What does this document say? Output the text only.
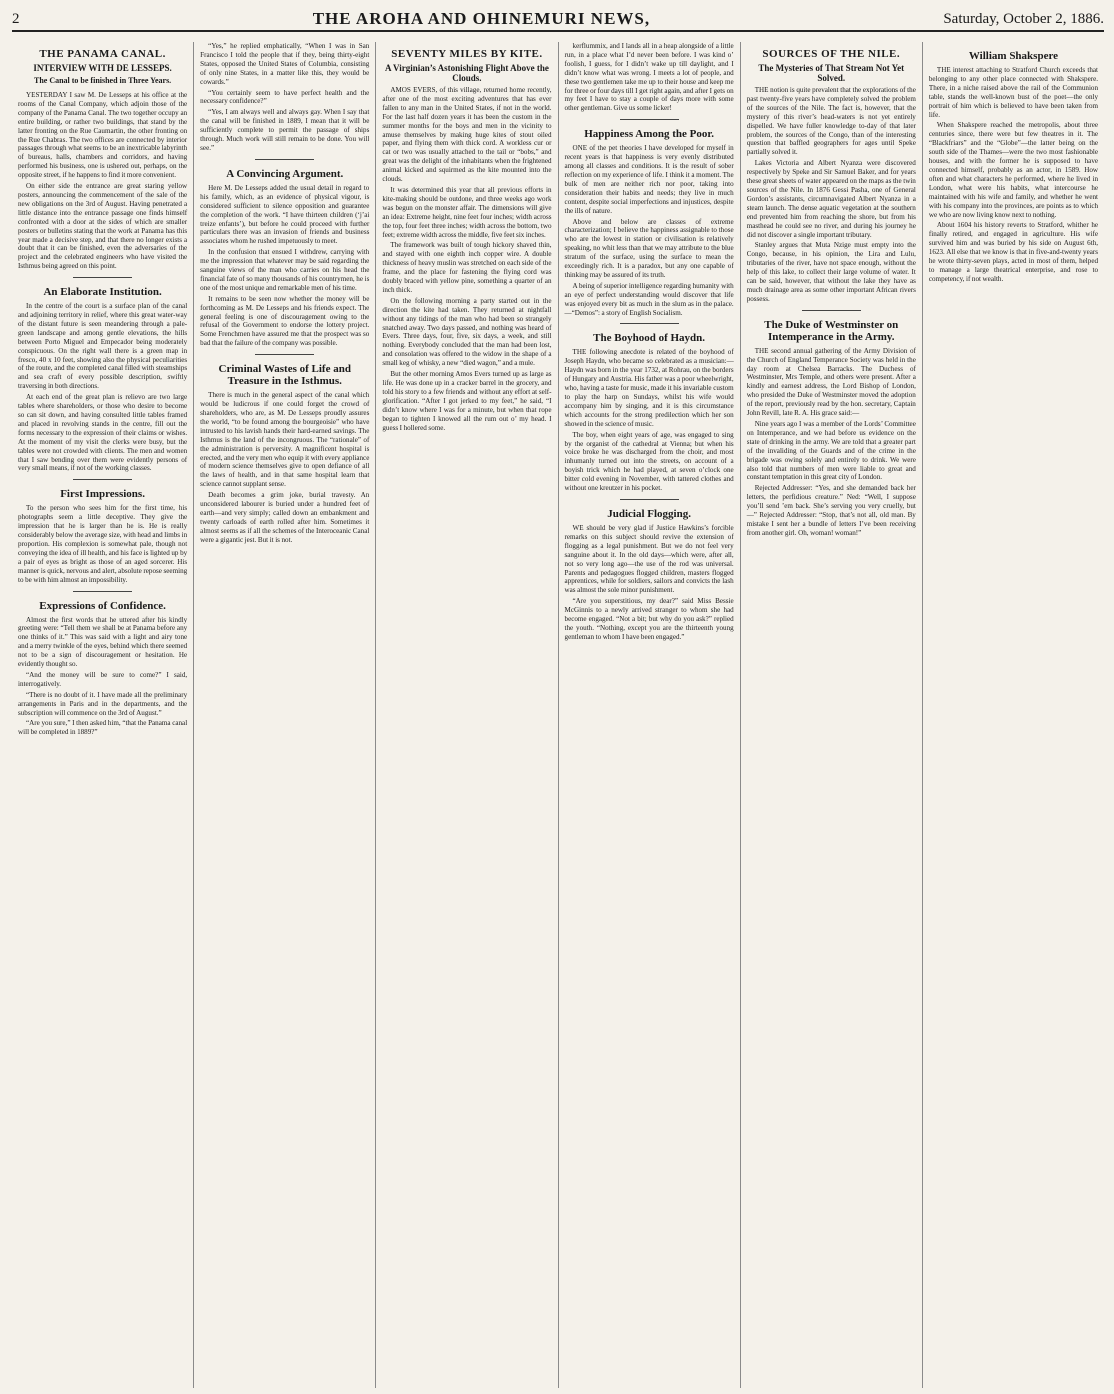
2	THE AROHA AND OHINEMURI NEWS,	Saturday, October 2, 1886.
THE PANAMA CANAL.
INTERVIEW WITH DE LESSEPS.
The Canal to be finished in Three Years.

YESTERDAY I saw M. De Lesseps at his office at the rooms of the Canal Company, which adjoin those of the company of the Panama Canal. The two together occupy an entire building, or rather two buildings, that stand by the latter fronting on the Rue Caumartin, the other fronting on the Rue Chabras. The two offices are connected by interior passages through what seems to be an inextricable labyrinth of bureaus, halls, chambers and corridors, and having performed his business, one is ushered out, perhaps, on the opposite street, if he happens to find it more convenient.

On either side the entrance are great staring yellow posters, announcing the commencement of the sale of the new obligations on the 3rd of August. Having penetrated a little distance into the entrance passage one finds himself confronted with a door at the sides of which are smaller posters or bulletins stating that the work at Panama has this year made a decisive step, and that there no longer exists a doubt that it can be finished, even the adversaries of the project and the celebrated engineers who have visited the Isthmus being agreed on this point.

An Elaborate Institution.

In the centre of the court is a surface plan of the canal and adjoining territory in relief, where this great water-way of the distant future is seen meandering through a pale-green landscape and among gentle elevations, the hills between Porto Miguel and Empecador being moderately conspicuous. On the right wall there is a green map in fresco, 40 x 10 feet, showing also the physical peculiarities of the route, and the completed canal filled with steamships and sea craft of every possible description, swiftly traversing in both directions.

At each end of the great plan is relievo are two large tables where shareholders, or those who desire to become so can sit down, and having consulted little tables framed and placed in revolving stands in the centre, fill out the forms necessary to the expression of their claims or wishes. At the moment of my visit the clerks were busy, but the tables were not crowded with clients. The men and women that I saw bending over them were evidently persons of very small means, if not of the working classes.

First Impressions.

To the person who sees him for the first time, his photographs seem a little deceptive. They give the impression that he is larger than he is. He is really considerably below the average size, with head and limbs in proportion. His complexion is somewhat pale, though not conveying the idea of ill health, and his face is lighted up by a pair of eyes as bright as those of an aged sorcerer. His manner is quick, nervous and alert, absolute repose seeming to be with him almost an impossibility.

Expressions of Confidence.

Almost the first words that he uttered after his kindly greeting were: “Tell them we shall be at Panama before any one thinks of it.” This was said with a light and airy tone and a merry twinkle of the eyes, behind which there seemed not to be a sign of discouragement or hesitation. He evidently thought so.

“And the money will be sure to come?” I said, interrogatively.

“There is no doubt of it. I have made all the preliminary arrangements in Paris and in the departments, and the subscription will commence on the 3rd of August.”

“Are you sure,” I then asked him, “that the Panama canal will be completed in 1889?”

“Yes,” he replied emphatically, “When I was in San Francisco I told the people that if they, being thirty-eight States, opposed the United States of Columbia, consisting of only nine States, in a matter like this, they would be cowards.”

“You certainly seem to have perfect health and the necessary confidence?”

“Yes, I am always well and always gay. When I say that the canal will be finished in 1889, I mean that it will be sufficiently complete to permit the passage of ships through. Much work will still remain to be done. You will see.”

A Convincing Argument.

Here M. De Lesseps added the usual detail in regard to his family, which, as an evidence of physical vigour, is considered sufficient to silence opposition and guarantee the completion of the work. “I have thirteen children (‘j’ai treize enfants’), but before he could proceed with further particulars there was an invasion of friends and business associates whom he rushed impetuously to meet.

In the confusion that ensued I withdrew, carrying with me the impression that whatever may be said regarding the sanguine views of the man who carries on his head the financial fate of so many thousands of his countrymen, he is one of the most unique and remarkable men of his time.

It remains to be seen now whether the money will be forthcoming as M. De Lesseps and his friends expect. The general feeling is one of discouragement owing to the refusal of the Government to endorse the lottery project. Some Frenchmen have assured me that the prospect was so bad that the failure of the company was possible.

Criminal Wastes of Life and Treasure in the Isthmus.

There is much in the general aspect of the canal which would be ludicrous if one could forget the crowd of shareholders, who are, as M. De Lesseps proudly assures the world, “to be found among the bourgeoisie” who have intrusted to his lavish hands their hard-earned savings. The Isthmus is the land of the incongruous. The “rationale” of the administration is perversity. A magnificent hospital is erected, and the very men who equip it with every appliance of modern science themselves give to open defiance of all the laws of health, and in that same hospital learn that science cannot supplant sense.

Death becomes a grim joke, burial travesty. An unconsidered labourer is buried under a hundred feet of earth—and very simply; called down an embankment and twenty carloads of earth rolled after him. Sometimes it almost seems as if all the schemes of the Interoceanic Canal were a gigantic jest. But it is not.

SEVENTY MILES BY KITE.
A Virginian’s Astonishing Flight Above the Clouds.

AMOS EVERS, of this village, returned home recently, after one of the most exciting adventures that has ever fallen to any man in the United States, if not in the world. For the last half dozen years it has been the custom in the summer months for the boys and men in the vicinity to amuse themselves by making huge kites of stout oiled paper, and flying them with thick cord. A workless cur or cat or two was usually attached to the tail or “bobs,” and great was the delight of the inhabitants when the frightened animal kicked and squirmed as the kite mounted into the clouds.

It was determined this year that all previous efforts in kite-making should be outdone, and three weeks ago work was begun on the monster affair. The dimensions will give an idea: Extreme height, nine feet four inches; width across the top, four feet three inches; width across the bottom, two feet; extreme width across the middle, five feet six inches.

The framework was built of tough hickory shaved thin, and stayed with one eighth inch copper wire. A double thickness of heavy muslin was stretched on each side of the frame, and the place for fastening the flying cord was doubly braced with yellow pine, something a quarter of an inch thick.

On the following morning a party started out in the direction the kite had taken. They returned at nightfall without any tidings of the man who had been so strangely snatched away. Two days passed, and nothing was heard of Evers. Three days, four, five, six days, a week, and still nothing. Everybody concluded that the man had been lost, and consolation was offered to the widow in the shape of a small keg of whisky, a new “died wagon,” and a mule.

But the other morning Amos Evers turned up as large as life. He was done up in a cracker barrel in the grocery, and told his story to a few friends and without any effort at self-glorification. “After I got jerked to my feet,” he said, “I didn’t know where I was for a minute, but when that rope began to tighten I knowed all the rum out o’ my head. I guess I hollered some.

kerflummix, and I lands all in a heap alongside of a little run, in a place what I’d never been before. I was kind o’ foolish, I guess, for I didn’t wake up till daylight, and I didn’t know what was wrong. I meets a lot of people, and these two gentlemen take me up to their house and keep me for three or four days till I get right again, and after I gets on my feet I have to stay a couple of days more with some other gentleman. Give us some licker!

Happiness Among the Poor.

ONE of the pet theories I have developed for myself in recent years is that happiness is very evenly distributed among all classes and conditions. It is the result of sober reflection on my experience of life. I think it a moment. The bulk of men are neither rich nor poor, taking into consideration their habits and needs; they live in much content, despite social imperfections and injustices, despite the ills of nature.

Above and below are classes of extreme characterization; I believe the happiness assignable to those who are the lowest in station or civilisation is relatively speaking, no whit less than that we may attribute to the blue stratum of the surface, using the surface to mean the exceedingly rich. It is a paradox, but any one capable of thinking may be assured of its truth.

A being of superior intelligence regarding humanity with an eye of perfect understanding would discover that life was enjoyed every bit as much in the slum as in the palace.—“Demos”: a story of English Socialism.

The Boyhood of Haydn.

THE following anecdote is related of the boyhood of Joseph Haydn, who became so celebrated as a musician:—Haydn was born in the year 1732, at Rohrau, on the borders of Hungary and Austria. His father was a poor wheelwright, who, having a taste for music, made it his invariable custom to play the harp on Sundays, whilst his wife would accompany him by singing, and it is this circumstance which accounts for the strong predilection which her son showed in the science of music.

The boy, when eight years of age, was engaged to sing by the organist of the cathedral at Vienna; but when his voice broke he was discharged from the choir, and most inhumanly turned out into the streets, on account of a boyish trick which he had played, at seven o’clock one bitter cold evening in November, with tattered clothes and without one kreutzer in his pocket.

Judicial Flogging.

WE should be very glad if Justice Hawkins’s forcible remarks on this subject should revive the extension of flogging as a legal punishment. But we do not feel very sanguine about it. In the old days—which were, after all, not so very long ago—the use of the rod was universal. Parents and pedagogues flogged children, masters flogged apprentices, while for soldiers, sailors and convicts the lash was almost the sole minor punishment.

“Are you superstitious, my dear?” said Miss Bessie McGinnis to a newly arrived stranger to whom she had become engaged. “Not a bit; but why do you ask?” replied the youth. “Nothing, except you are the thirteenth young gentleman to whom I have been engaged.”

SOURCES OF THE NILE.
The Mysteries of That Stream Not Yet Solved.

THE notion is quite prevalent that the explorations of the past twenty-five years have completely solved the problem of the sources of the Nile. The fact is, however, that the mystery of this river’s head-waters is not yet entirely dispelled. We have fuller knowledge to-day of that later problem, the sources of the Congo, than of the interesting question that baffled geographers for ages until Speke partially solved it.

Lakes Victoria and Albert Nyanza were discovered respectively by Speke and Sir Samuel Baker, and for years these great sheets of water appeared on the maps as the twin sources of the Nile. In 1876 Gessi Pasha, one of General Gordon’s assistants, circumnavigated Albert Nyanza in a steam launch. The dense aquatic vegetation at the southern end prevented him from reaching the shore, but from his masthead he could see no river, and during his journey he did not discover a single important tributary.

Stanley argues that Muta Nzige must empty into the Congo, because, in his opinion, the Lira and Lulu, tributaries of the river, have not space enough, without the help of this lake, to collect their large volume of water. It can be said, however, that without the lake they have as much drainage area as some other important African rivers possess.

The Duke of Westminster on Intemperance in the Army.

THE second annual gathering of the Army Division of the Church of England Temperance Society was held in the day room at Chelsea Barracks. The Duchess of Westminster, Mrs Temple, and others were present. After a kindly and earnest address, the Lord Bishop of London, who presided the Duke of Westminster moved the adoption of the report, previously read by the hon. secretary, Captain John Revill, late R. A. His grace said:—

Nine years ago I was a member of the Lords’ Committee on Intemperance, and we had before us evidence on the state of drinking in the army. We are told that a greater part of the invaliding of the Guards and of the crime in the brigade was owing solely and entirely to drink. We were also told that numbers of men were liable to great and constant temptation in this great city of London.

Rejected Addresser: “Yes, and she demanded back her letters, the perfidious creature.” Ned: “Well, I suppose you’ll send ’em back. She’s serving you very cruelly, but—” Rejected Addresser: “Stop, that’s not all, old man. By mistake I sent her a bundle of letters I’ve been receiving from another girl. Oh, woman! woman!”

William Shakspere

THE interest attaching to Stratford Church exceeds that belonging to any other place connected with Shakspere. There, in a niche raised above the rail of the Communion table, stands the well-known bust of the poet—the only portrait of him which is believed to have been taken from life.

When Shakspere reached the metropolis, about three centuries since, there were but few theatres in it. The “Blackfriars” and the “Globe”—the latter being on the south side of the Thames—were the two most fashionable houses, and with the former he is supposed to have connected himself, probably as an actor, in 1589. How often and what characters he performed, where he lived in London, what were his habits, what intercourse he maintained with his wife and family, and whether he went with his company into the provinces, are points as to which we who are now living know next to nothing.

About 1604 his history reverts to Stratford, whither he finally retired, and engaged in agriculture. His wife survived him and was buried by his side on August 6th, 1623. All else that we know is that in five-and-twenty years he wrote thirty-seven plays, acted in most of them, helped to manage a large theatrical enterprise, and rose to competency, if not wealth.
